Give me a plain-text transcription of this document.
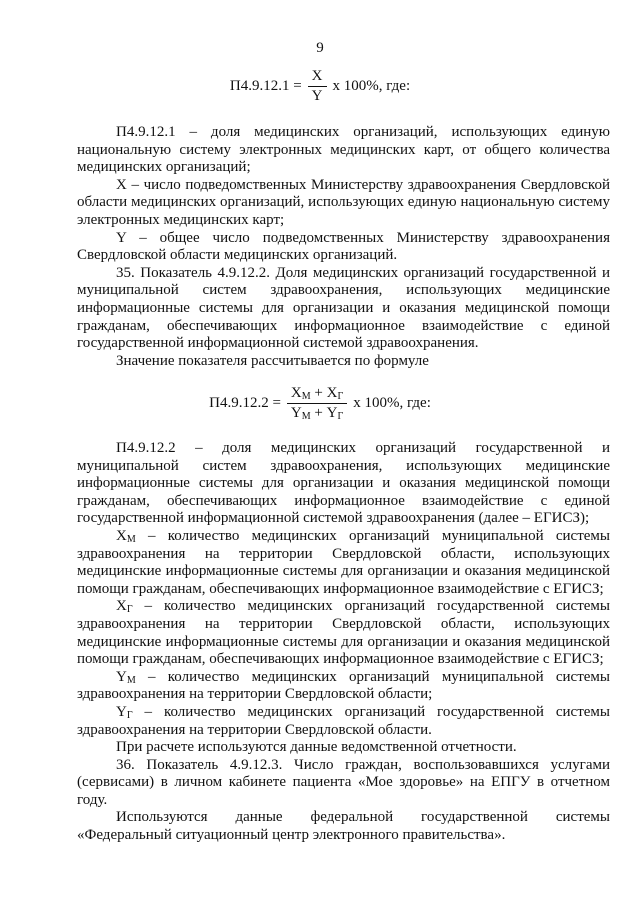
9
$П4.9.12.1 = \frac{X}{Y}$ x 100%, где:

П4.9.12.1 – доля медицинских организаций, использующих единую национальную систему электронных медицинских карт, от общего количества медицинских организаций;

X – число подведомственных Министерству здравоохранения Свердловской области медицинских организаций, использующих единую национальную систему электронных медицинских карт;

Y – общее число подведомственных Министерству здравоохранения Свердловской области медицинских организаций.

35. Показатель 4.9.12.2. Доля медицинских организаций государственной и муниципальной систем здравоохранения, использующих медицинские информационные системы для организации и оказания медицинской помощи гражданам, обеспечивающих информационное взаимодействие с единой государственной информационной системой здравоохранения.

Значение показателя рассчитывается по формуле

$П4.9.12.2 = \frac{X_М + X_Г}{Y_М + Y_Г}$ x 100%, где:

П4.9.12.2 – доля медицинских организаций государственной и муниципальной систем здравоохранения, использующих медицинские информационные системы для организации и оказания медицинской помощи гражданам, обеспечивающих информационное взаимодействие с единой государственной информационной системой здравоохранения (далее – ЕГИСЗ);

$X_М$ – количество медицинских организаций муниципальной системы здравоохранения на территории Свердловской области, использующих медицинские информационные системы для организации и оказания медицинской помощи гражданам, обеспечивающих информационное взаимодействие с ЕГИСЗ;

$X_Г$ – количество медицинских организаций государственной системы здравоохранения на территории Свердловской области, использующих медицинские информационные системы для организации и оказания медицинской помощи гражданам, обеспечивающих информационное взаимодействие с ЕГИСЗ;

$Y_М$ – количество медицинских организаций муниципальной системы здравоохранения на территории Свердловской области;

$Y_Г$ – количество медицинских организаций государственной системы здравоохранения на территории Свердловской области.

При расчете используются данные ведомственной отчетности.

36. Показатель 4.9.12.3. Число граждан, воспользовавшихся услугами (сервисами) в личном кабинете пациента «Мое здоровье» на ЕПГУ в отчетном году.

Используются данные федеральной государственной системы «Федеральный ситуационный центр электронного правительства».
